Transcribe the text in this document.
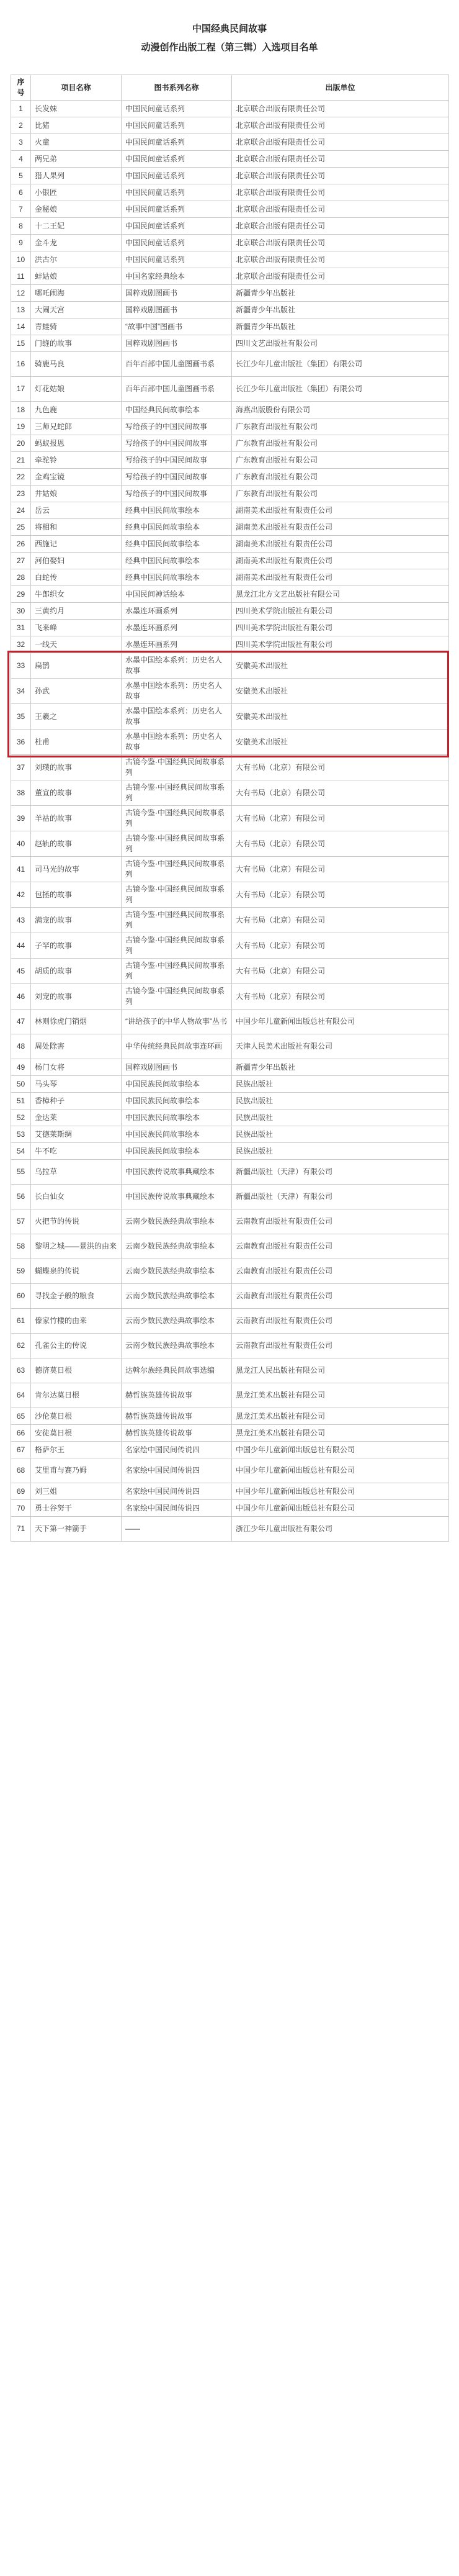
中国经典民间故事
动漫创作出版工程（第三辑）入选项目名单
序号	项目名称	图书系列名称	出版单位
1	长发妹	中国民间童话系列	北京联合出版有限责任公司
2	比猪	中国民间童话系列	北京联合出版有限责任公司
3	火童	中国民间童话系列	北京联合出版有限责任公司
4	两兄弟	中国民间童话系列	北京联合出版有限责任公司
5	猎人果列	中国民间童话系列	北京联合出版有限责任公司
6	小银匠	中国民间童话系列	北京联合出版有限责任公司
7	金秘娘	中国民间童话系列	北京联合出版有限责任公司
8	十二王妃	中国民间童话系列	北京联合出版有限责任公司
9	金斗龙	中国民间童话系列	北京联合出版有限责任公司
10	洪古尔	中国民间童话系列	北京联合出版有限责任公司
11	蚌姑娘	中国名家经典绘本	北京联合出版有限责任公司
12	哪吒闹海	国粹戏剧图画书	新疆青少年出版社
13	大闹天宫	国粹戏剧图画书	新疆青少年出版社
14	青蛙骑	“故事中国”图画书	新疆青少年出版社
15	门缝的故事	国粹戏剧图画书	四川文艺出版社有限公司
16	骑鹿马良	百年百部中国儿童图画书系	长江少年儿童出版社（集团）有限公司
17	灯花姑娘	百年百部中国儿童图画书系	长江少年儿童出版社（集团）有限公司
18	九色鹿	中国经典民间故事绘本	海燕出版股份有限公司
19	三师兄蛇郎	写给孩子的中国民间故事	广东教育出版社有限公司
20	蚂蚁报恩	写给孩子的中国民间故事	广东教育出版社有限公司
21	牵驼铃	写给孩子的中国民间故事	广东教育出版社有限公司
22	金鸡宝镜	写给孩子的中国民间故事	广东教育出版社有限公司
23	井姑娘	写给孩子的中国民间故事	广东教育出版社有限公司
24	岳云	经典中国民间故事绘本	湖南美术出版社有限责任公司
25	将相和	经典中国民间故事绘本	湖南美术出版社有限责任公司
26	西施记	经典中国民间故事绘本	湖南美术出版社有限责任公司
27	河伯娶妇	经典中国民间故事绘本	湖南美术出版社有限责任公司
28	白蛇传	经典中国民间故事绘本	湖南美术出版社有限责任公司
29	牛郎织女	中国民间神话绘本	黑龙江北方文艺出版社有限公司
30	三黄约月	水墨连环画系列	四川美术学院出版社有限公司
31	飞来峰	水墨连环画系列	四川美术学院出版社有限公司
32	一线天	水墨连环画系列	四川美术学院出版社有限公司
33	扁鹊	水墨中国绘本系列：历史名人故事	安徽美术出版社
34	孙武	水墨中国绘本系列：历史名人故事	安徽美术出版社
35	王羲之	水墨中国绘本系列：历史名人故事	安徽美术出版社
36	杜甫	水墨中国绘本系列：历史名人故事	安徽美术出版社
37	刘璞的故事	古镜今鉴·中国经典民间故事系列	大有书局（北京）有限公司
38	董宣的故事	古镜今鉴·中国经典民间故事系列	大有书局（北京）有限公司
39	羊祜的故事	古镜今鉴·中国经典民间故事系列	大有书局（北京）有限公司
40	赵轨的故事	古镜今鉴·中国经典民间故事系列	大有书局（北京）有限公司
41	司马光的故事	古镜今鉴·中国经典民间故事系列	大有书局（北京）有限公司
42	包拯的故事	古镜今鉴·中国经典民间故事系列	大有书局（北京）有限公司
43	满宠的故事	古镜今鉴·中国经典民间故事系列	大有书局（北京）有限公司
44	子罕的故事	古镜今鉴·中国经典民间故事系列	大有书局（北京）有限公司
45	胡质的故事	古镜今鉴·中国经典民间故事系列	大有书局（北京）有限公司
46	刘宠的故事	古镜今鉴·中国经典民间故事系列	大有书局（北京）有限公司
47	林则徐虎门销烟	“讲给孩子的中华人物故事”丛书	中国少年儿童新闻出版总社有限公司
48	周处除害	中华传统经典民间故事连环画	天津人民美术出版社有限公司
49	杨门女将	国粹戏剧图画书	新疆青少年出版社
50	马头琴	中国民族民间故事绘本	民族出版社
51	香樟种子	中国民族民间故事绘本	民族出版社
52	金达莱	中国民族民间故事绘本	民族出版社
53	艾德莱斯绸	中国民族民间故事绘本	民族出版社
54	牛不吃	中国民族民间故事绘本	民族出版社
55	乌拉草	中国民族传说故事典藏绘本	新疆出版社（天津）有限公司
56	长白仙女	中国民族传说故事典藏绘本	新疆出版社（天津）有限公司
57	火把节的传说	云南少数民族经典故事绘本	云南教育出版社有限责任公司
58	黎明之城——景洪的由来	云南少数民族经典故事绘本	云南教育出版社有限责任公司
59	蝴蝶泉的传说	云南少数民族经典故事绘本	云南教育出版社有限责任公司
60	寻找金子般的粮食	云南少数民族经典故事绘本	云南教育出版社有限责任公司
61	傣家竹楼的由来	云南少数民族经典故事绘本	云南教育出版社有限责任公司
62	孔雀公主的传说	云南少数民族经典故事绘本	云南教育出版社有限责任公司
63	德济莫日根	达斡尔族经典民间故事选编	黑龙江人民出版社有限公司
64	肯尔达莫日根	赫哲族英雄传说故事	黑龙江美术出版社有限公司
65	沙伦莫日根	赫哲族英雄传说故事	黑龙江美术出版社有限公司
66	安徒莫日根	赫哲族英雄传说故事	黑龙江美术出版社有限公司
67	格萨尔王	名家绘中国民间传说四	中国少年儿童新闻出版总社有限公司
68	艾里甫与赛乃姆	名家绘中国民间传说四	中国少年儿童新闻出版总社有限公司
69	刘三姐	名家绘中国民间传说四	中国少年儿童新闻出版总社有限公司
70	勇士谷努干	名家绘中国民间传说四	中国少年儿童新闻出版总社有限公司
71	天下第一神箭手	——	浙江少年儿童出版社有限公司
